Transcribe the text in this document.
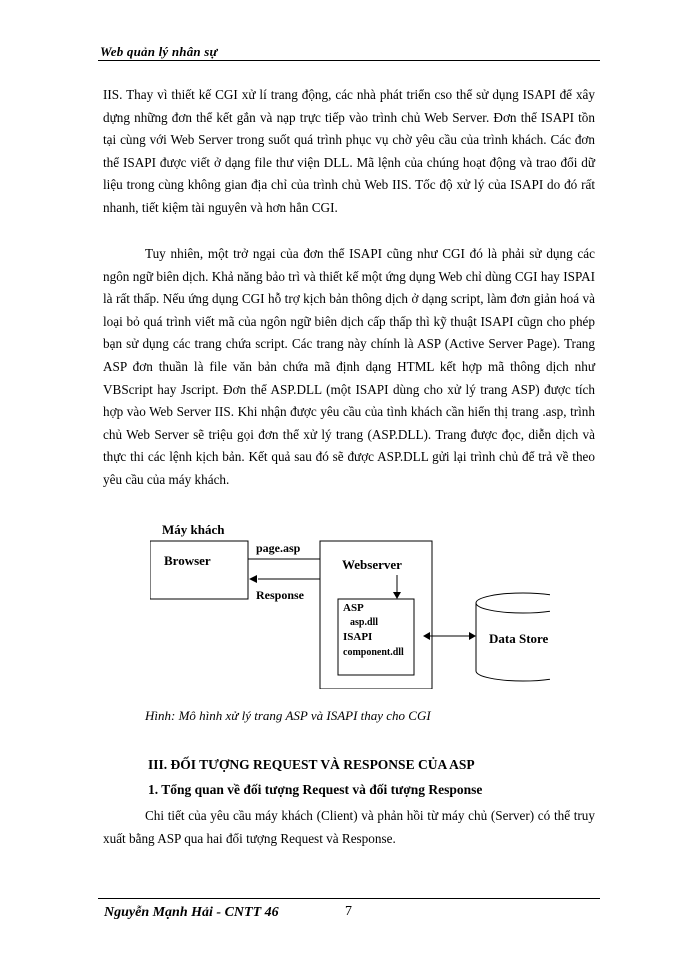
Web quản lý nhân sự

IIS. Thay vì thiết kế CGI xử lí trang động, các nhà phát triển cso thể sử dụng ISAPI để xây dựng những đơn thể kết gắn và nạp trực tiếp vào trình chủ Web Server. Đơn thể ISAPI tồn tại cùng với Web Server trong suốt quá trình phục vụ chờ yêu cầu của trình khách. Các đơn thể ISAPI được viết ở dạng file thư viện DLL. Mã lệnh của chúng hoạt động và trao đổi dữ liệu trong cùng không gian địa chỉ của trình chủ Web IIS. Tốc độ xử lý của ISAPI do đó rất nhanh, tiết kiệm tài nguyên và hơn hẳn CGI.

Tuy nhiên, một trở ngại của đơn thể ISAPI cũng như CGI đó là phải sử dụng các ngôn ngữ biên dịch. Khả năng bảo trì và thiết kế một ứng dụng Web chỉ dùng CGI hay ISPAI là rất thấp. Nếu ứng dụng CGI hỗ trợ kịch bản thông dịch ở dạng script, làm đơn giản hoá và loại bỏ quá trình viết mã của ngôn ngữ biên dịch cấp thấp thì kỹ thuật ISAPI cũgn cho phép bạn sử dụng các trang chứa script. Các trang này chính là ASP (Active Server Page). Trang ASP đơn thuần là file văn bản chứa mã định dạng HTML kết hợp mã thông dịch như VBScript hay Jscript. Đơn thể ASP.DLL (một ISAPI dùng cho xử lý trang ASP) được tích hợp vào Web Server IIS. Khi nhận được yêu cầu của tình khách cần hiển thị trang .asp, trình chủ Web Server sẽ triệu gọi đơn thể xử lý trang (ASP.DLL). Trang được đọc, diễn dịch và thực thi các lệnh kịch bản. Kết quả sau đó sẽ được ASP.DLL gửi lại trình chủ để trả về theo yêu cầu của máy khách.

Máy khách
Browser
page.asp
Response
Webserver
ASP
asp.dll
ISAPI
component.dll
Data Store
Hình: Mô hình xử lý trang ASP và ISAPI thay cho CGI
III. ĐỐI TƯỢNG REQUEST VÀ RESPONSE CỦA ASP
1. Tổng quan về đối tượng Request và đối tượng Response

Chi tiết của yêu cầu máy khách (Client) và phản hồi từ máy chủ (Server) có thể truy xuất bằng ASP qua hai đối tượng Request và Response.

Nguyễn Mạnh Hải - CNTT 46	7
